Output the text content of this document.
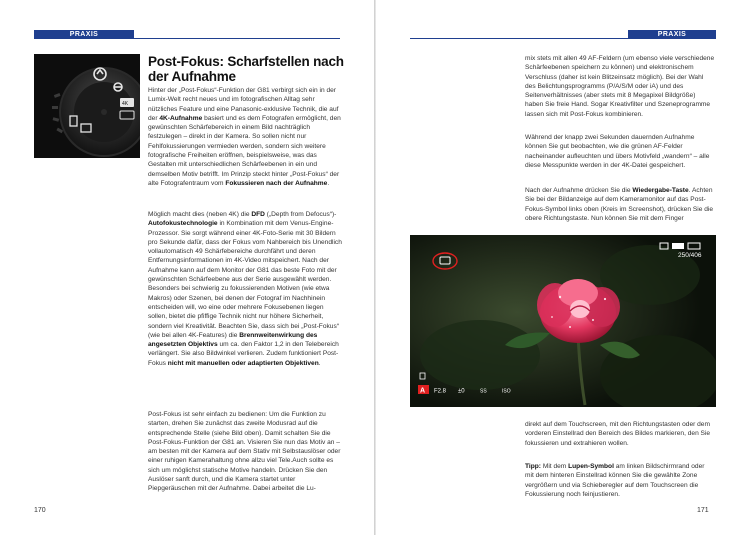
PRAXIS
4K
Post-Fokus: Scharfstellen nach der Aufnahme
Hinter der „Post-Fokus“-Funktion der G81 verbirgt sich ein in der Lumix-Welt recht neues und im fotografischen Alltag sehr nützliches Feature und eine Panasonic-exklusive Technik, die auf der 4K-Aufnahme basiert und es dem Fotografen ermöglicht, den gewünschten Schärfebereich in einem Bild nachträglich festzulegen – direkt in der Kamera. So sollen nicht nur Fehlfokussierungen vermieden werden, sondern sich weitere fotografische Freiheiten eröffnen, beispielsweise, was das Gestalten mit unterschiedlichen Schärfeebenen in ein und demselben Motiv betrifft. Im Prinzip steckt hinter „Post-Fokus“ der alte Fotografentraum vom Fokussieren nach der Aufnahme.
Möglich macht dies (neben 4K) die DFD („Depth from Defocus“)-Autofokustechnologie in Kombination mit dem Venus-Engine-Prozessor. Sie sorgt während einer 4K-Foto-Serie mit 30 Bildern pro Sekunde dafür, dass der Fokus vom Nahbereich bis Unendlich vollautomatisch 49 Schärfebereiche durchfährt und deren Entfernungsinformationen im 4K-Video mitspeichert. Nach der Aufnahme kann auf dem Monitor der G81 das beste Foto mit der gewünschten Schärfeebene aus der Serie ausgewählt werden. Besonders bei schwierig zu fokussierenden Motiven (wie etwa Makros) oder Szenen, bei denen der Fotograf im Nachhinein entscheiden will, wo eine oder mehrere Fokusebenen liegen sollen, bietet die pfiffige Technik nicht nur höhere Sicherheit, sondern viel Kreativität. Beachten Sie, dass sich bei „Post-Fokus“ (wie bei allen 4K-Features) die Brennweitenwirkung des angesetzten Objektivs um ca. den Faktor 1,2 in den Telebereich verlängert. Sie also Bildwinkel verlieren. Zudem funktioniert Post-Fokus nicht mit manuellen oder adaptierten Objektiven.
Post-Fokus ist sehr einfach zu bedienen: Um die Funktion zu starten, drehen Sie zunächst das zweite Modusrad auf die entsprechende Stelle (siehe Bild oben). Damit schalten Sie die Post-Fokus-Funktion der G81 an. Visieren Sie nun das Motiv an – am besten mit der Kamera auf dem Stativ mit Selbstauslöser oder einer ruhigen Kamerahaltung ohne allzu viel Tele.Auch sollte es sich um möglichst statische Motive handeln. Drücken Sie den Auslöser sanft durch, und die Kamera startet unter Piepgeräuschen mit der Aufnahme. Dabei arbeitet die Lu-
170
PRAXIS
mix stets mit allen 49 AF-Feldern (um ebenso viele verschiedene Schärfeebenen speichern zu können) und elektronischem Verschluss (daher ist kein Blitzeinsatz möglich). Bei der Wahl des Belichtungsprogramms (P/A/S/M oder iA) und des Seitenverhältnisses (aber stets mit 8 Megapixel Bildgröße) haben Sie freie Hand. Sogar Kreativfilter und Szeneprogramme lassen sich mit Post-Fokus kombinieren.
Während der knapp zwei Sekunden dauernden Aufnahme können Sie gut beobachten, wie die grünen AF-Felder nacheinander aufleuchten und übers Motivfeld „wandern“ – alle diese Messpunkte werden in der 4K-Datei gespeichert.
Nach der Aufnahme drücken Sie die Wiedergabe-Taste. Achten Sie bei der Bildanzeige auf dem Kameramonitor auf das Post-Fokus-Symbol links oben (Kreis im Screenshot), drücken Sie die obere Richtungstaste. Nun können Sie mit dem Finger
250/406
A F2.8 ±0	SS	ISO
direkt auf dem Touchscreen, mit den Richtungstasten oder dem vorderen Einstellrad den Bereich des Bildes markieren, den Sie fokussieren und extrahieren wollen.
Tipp: Mit dem Lupen-Symbol am linken Bildschirmrand oder mit dem hinteren Einstellrad können Sie die gewählte Zone vergrößern und via Schieberegler auf dem Touchscreen die Fokussierung noch feinjustieren.
171
